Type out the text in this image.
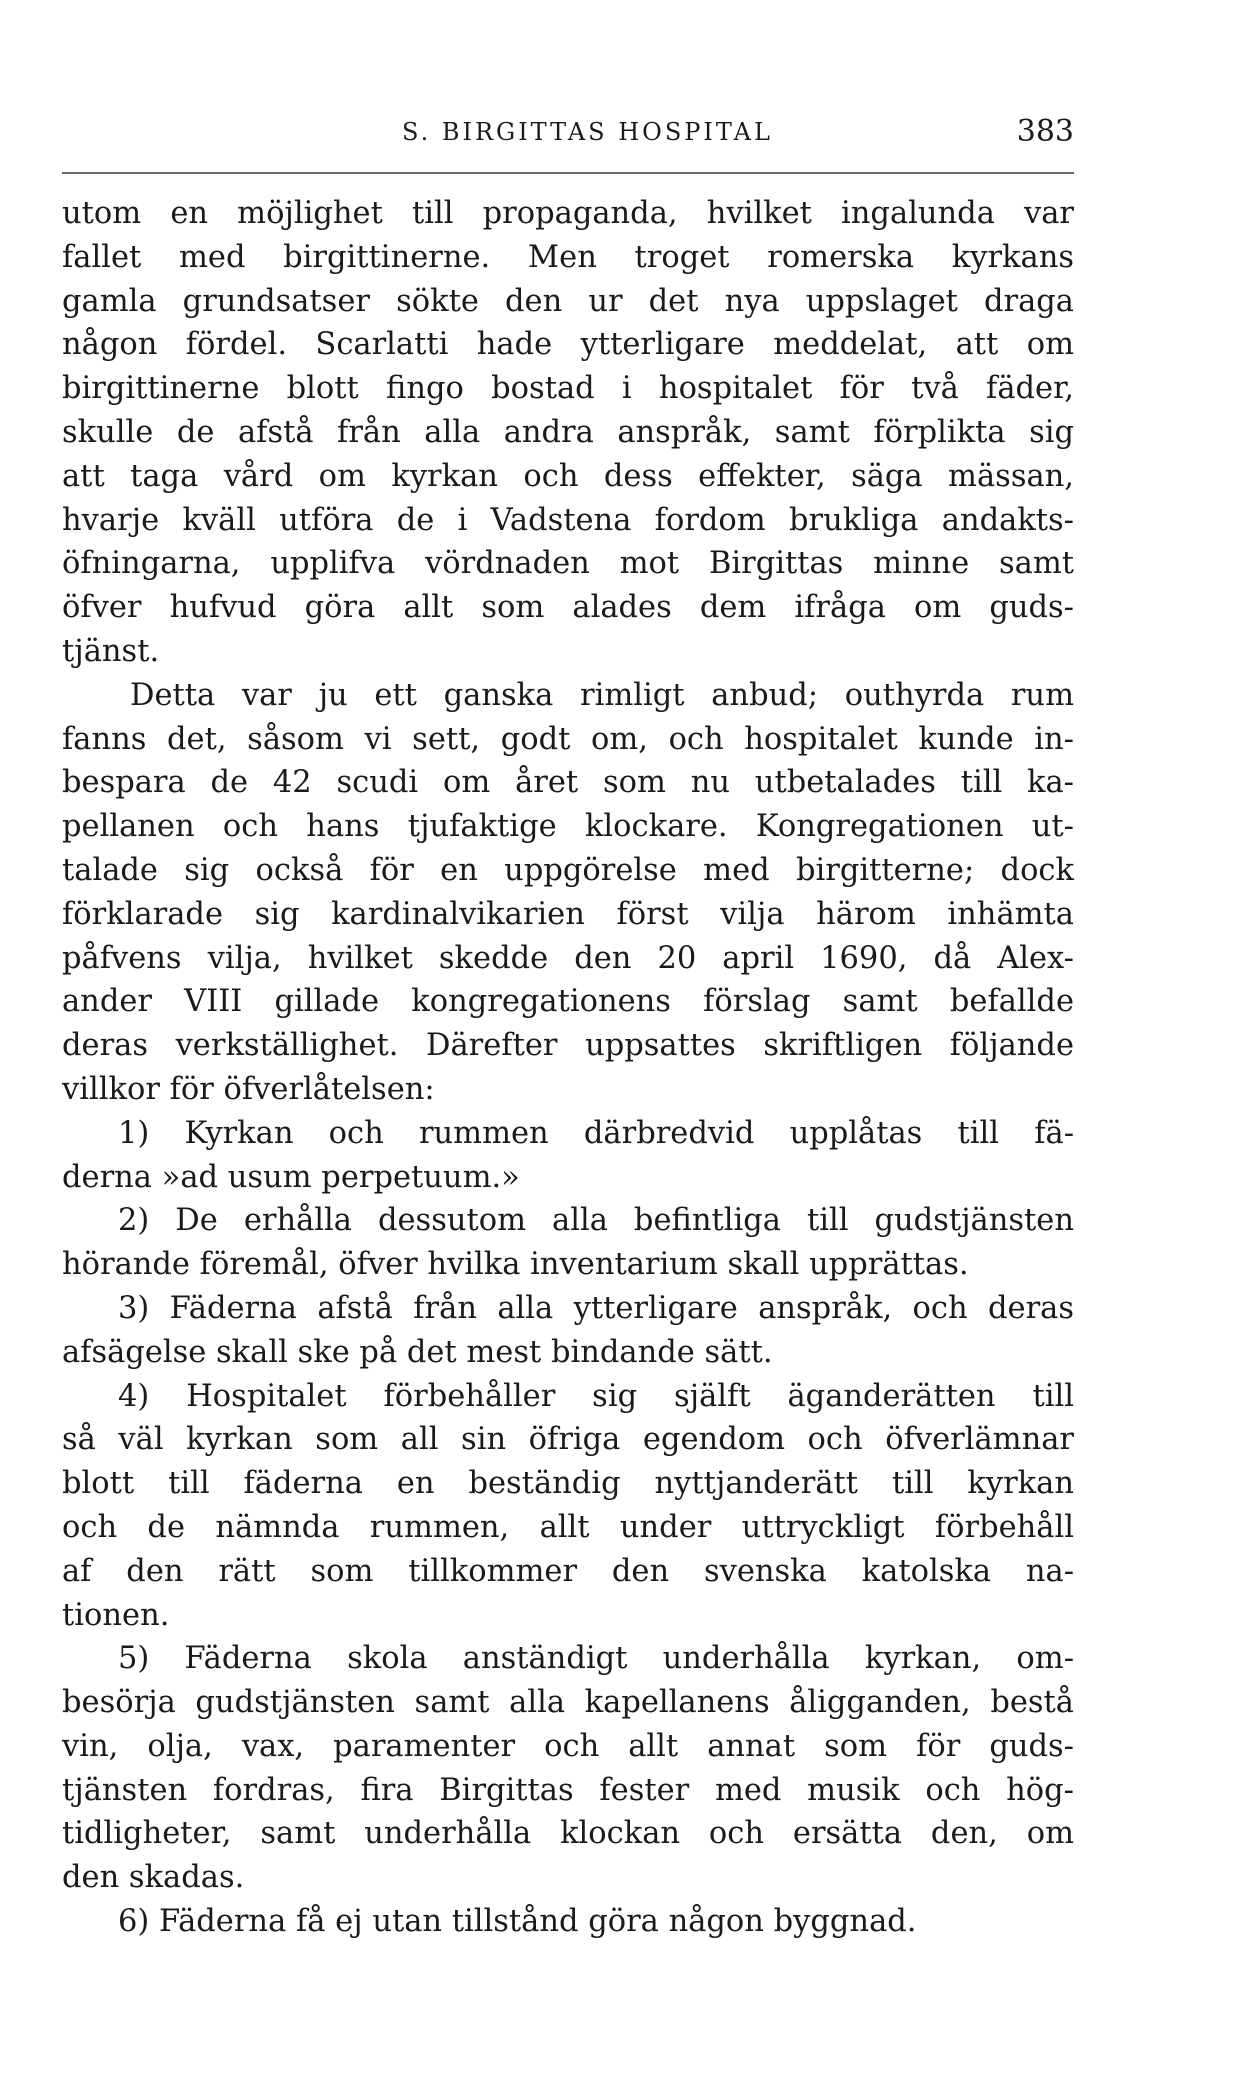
S. BIRGITTAS HOSPITAL	383
utom en möjlighet till propaganda, hvilket ingalunda var
fallet med birgittinerne. Men troget romerska kyrkans
gamla grundsatser sökte den ur det nya uppslaget draga
någon fördel. Scarlatti hade ytterligare meddelat, att om
birgittinerne blott fingo bostad i hospitalet för två fäder,
skulle de afstå från alla andra anspråk, samt förplikta sig
att taga vård om kyrkan och dess effekter, säga mässan,
hvarje kväll utföra de i Vadstena fordom brukliga andakts-
öfningarna, upplifva vördnaden mot Birgittas minne samt
öfver hufvud göra allt som alades dem ifråga om guds-
tjänst.
Detta var ju ett ganska rimligt anbud; outhyrda rum
fanns det, såsom vi sett, godt om, och hospitalet kunde in-
bespara de 42 scudi om året som nu utbetalades till ka-
pellanen och hans tjufaktige klockare. Kongregationen ut-
talade sig också för en uppgörelse med birgitterne; dock
förklarade sig kardinalvikarien först vilja härom inhämta
påfvens vilja, hvilket skedde den 20 april 1690, då Alex-
ander VIII gillade kongregationens förslag samt befallde
deras verkställighet. Därefter uppsattes skriftligen följande
villkor för öfverlåtelsen:
1) Kyrkan och rummen därbredvid upplåtas till fä-
derna »ad usum perpetuum.»
2) De erhålla dessutom alla befintliga till gudstjänsten
hörande föremål, öfver hvilka inventarium skall upprättas.
3) Fäderna afstå från alla ytterligare anspråk, och deras
afsägelse skall ske på det mest bindande sätt.
4) Hospitalet förbehåller sig själft äganderätten till
så väl kyrkan som all sin öfriga egendom och öfverlämnar
blott till fäderna en beständig nyttjanderätt till kyrkan
och de nämnda rummen, allt under uttryckligt förbehåll
af den rätt som tillkommer den svenska katolska na-
tionen.
5) Fäderna skola anständigt underhålla kyrkan, om-
besörja gudstjänsten samt alla kapellanens åligganden, bestå
vin, olja, vax, paramenter och allt annat som för guds-
tjänsten fordras, fira Birgittas fester med musik och hög-
tidligheter, samt underhålla klockan och ersätta den, om
den skadas.
6) Fäderna få ej utan tillstånd göra någon byggnad.
